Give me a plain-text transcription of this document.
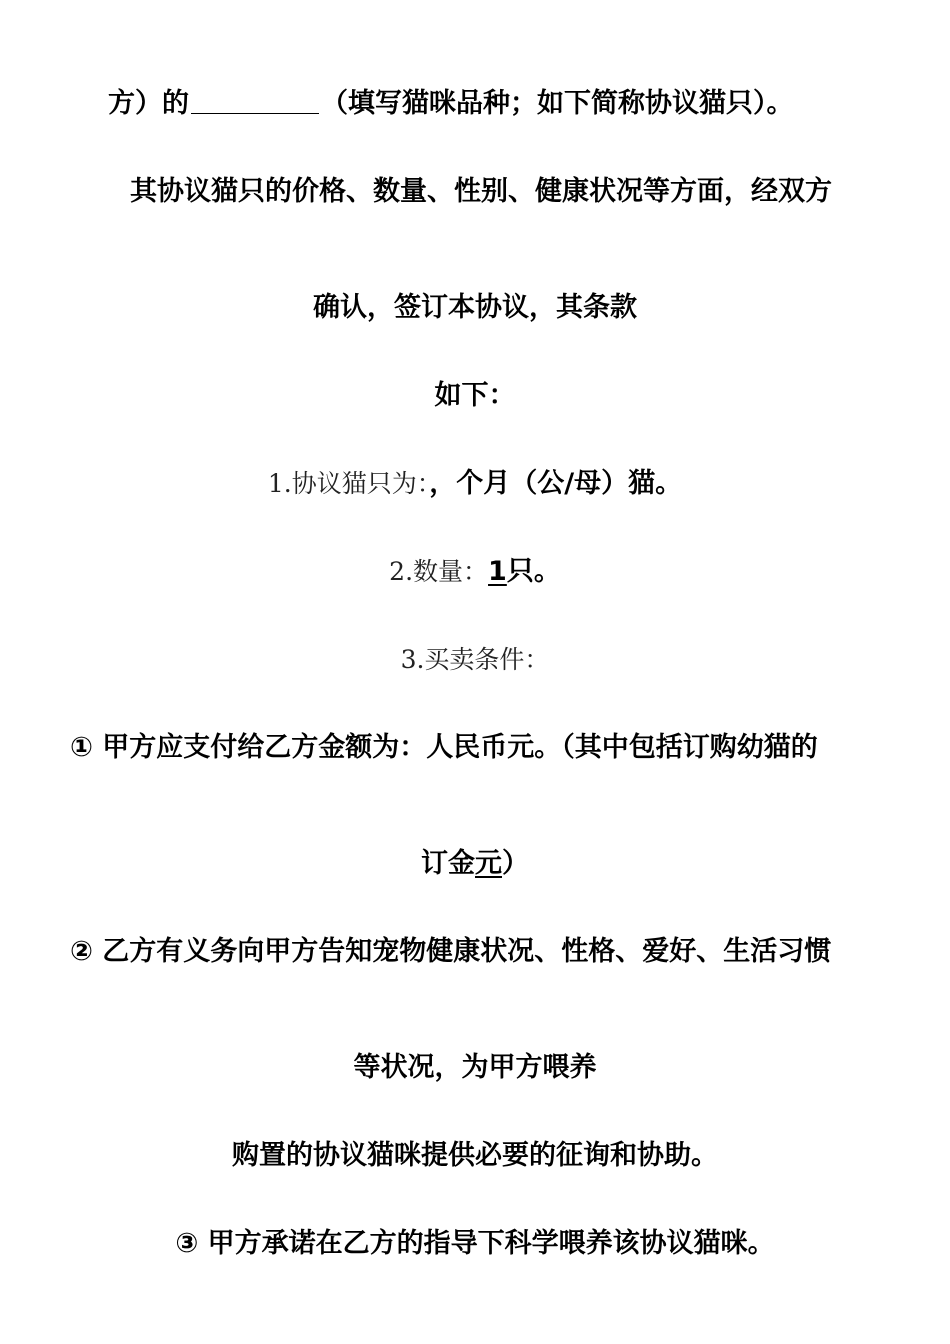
方）的	（填写猫咪品种；如下简称协议猫只）。
其协议猫只的价格、数量、性别、健康状况等方面，经双方
确认，签订本协议，其条款
如下：
1.协议猫只为：，个月（公/母）猫。
2.数量：1只。
3.买卖条件：
① 甲方应支付给乙方金额为：人民币元。（其中包括订购幼猫的
订金元）
② 乙方有义务向甲方告知宠物健康状况、性格、爱好、生活习惯
等状况，为甲方喂养
购置的协议猫咪提供必要的征询和协助。
③ 甲方承诺在乙方的指导下科学喂养该协议猫咪。
